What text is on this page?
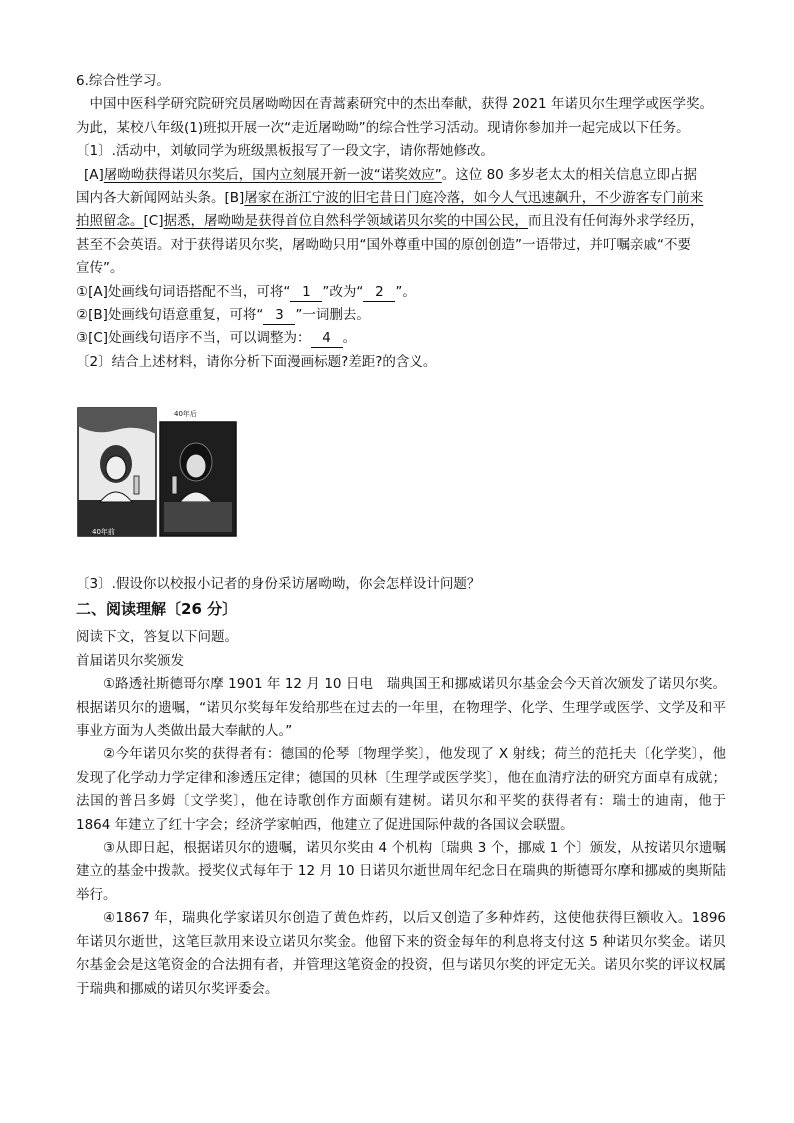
6.综合性学习。
中国中医科学研究院研究员屠呦呦因在青蒿素研究中的杰出奉献，获得 2021 年诺贝尔生理学或医学奖。
为此，某校八年级(1)班拟开展一次“走近屠呦呦”的综合性学习活动。现请你参加并一起完成以下任务。
〔1〕.活动中，刘敏同学为班级黑板报写了一段文字，请你帮她修改。
[A]屠呦呦获得诺贝尔奖后，国内立刻展开新一波“诺奖效应”。这位 80 多岁老太太的相关信息立即占据
国内各大新闻网站头条。[B]屠家在浙江宁波的旧宅昔日门庭冷落，如今人气迅速飙升，不少游客专门前来
拍照留念。[C]据悉，屠呦呦是获得首位自然科学领域诺贝尔奖的中国公民，而且没有任何海外求学经历，
甚至不会英语。对于获得诺贝尔奖，屠呦呦只用“国外尊重中国的原创创造”一语带过，并叮嘱亲戚“不要
宣传”。
①[A]处画线句词语搭配不当，可将“ 1 ”改为“ 2 ”。
②[B]处画线句语意重复，可将“ 3 ”一词删去。
③[C]处画线句语序不当，可以调整为： 4 。
〔2〕结合上述材料，请你分析下面漫画标题?差距?的含义。
40年前
40年后
〔3〕.假设你以校报小记者的身份采访屠呦呦，你会怎样设计问题？
二、阅读理解〔26 分〕
阅读下文，答复以下问题。
首届诺贝尔奖颁发
①路透社斯德哥尔摩 1901 年 12 月 10 日电　瑞典国王和挪威诺贝尔基金会今天首次颁发了诺贝尔奖。根据诺贝尔的遗嘱，“诺贝尔奖每年发给那些在过去的一年里，在物理学、化学、生理学或医学、文学及和平事业方面为人类做出最大奉献的人。”
②今年诺贝尔奖的获得者有：德国的伦琴〔物理学奖〕，他发现了 X 射线；荷兰的范托夫〔化学奖〕，他发现了化学动力学定律和渗透压定律；德国的贝林〔生理学或医学奖〕，他在血清疗法的研究方面卓有成就；法国的普吕多姆〔文学奖〕，他在诗歌创作方面颇有建树。诺贝尔和平奖的获得者有：瑞士的迪南，他于 1864 年建立了红十字会；经济学家帕西，他建立了促进国际仲裁的各国议会联盟。
③从即日起，根据诺贝尔的遗嘱，诺贝尔奖由 4 个机构〔瑞典 3 个，挪威 1 个〕颁发，从按诺贝尔遗嘱建立的基金中拨款。授奖仪式每年于 12 月 10 日诺贝尔逝世周年纪念日在瑞典的斯德哥尔摩和挪威的奥斯陆举行。
④1867 年，瑞典化学家诺贝尔创造了黄色炸药，以后又创造了多种炸药，这使他获得巨额收入。1896 年诺贝尔逝世，这笔巨款用来设立诺贝尔奖金。他留下来的资金每年的利息将支付这 5 种诺贝尔奖金。诺贝尔基金会是这笔资金的合法拥有者，并管理这笔资金的投资，但与诺贝尔奖的评定无关。诺贝尔奖的评议权属于瑞典和挪威的诺贝尔奖评委会。
